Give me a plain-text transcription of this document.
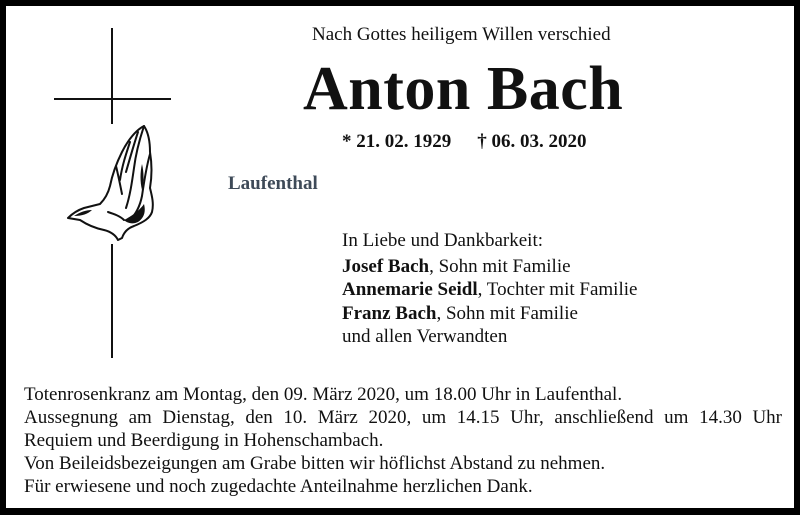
Nach Gottes heiligem Willen verschied
Anton Bach
* 21. 02. 1929 † 06. 03. 2020
Laufenthal
In Liebe und Dankbarkeit:
Josef Bach, Sohn mit Familie
Annemarie Seidl, Tochter mit Familie
Franz Bach, Sohn mit Familie
und allen Verwandten
Totenrosenkranz am Montag, den 09. März 2020, um 18.00 Uhr in Laufenthal.
Aussegnung am Dienstag, den 10. März 2020, um 14.15 Uhr, anschließend um 14.30 Uhr
Requiem und Beerdigung in Hohenschambach.
Von Beileidsbezeigungen am Grabe bitten wir höflichst Abstand zu nehmen.
Für erwiesene und noch zugedachte Anteilnahme herzlichen Dank.
